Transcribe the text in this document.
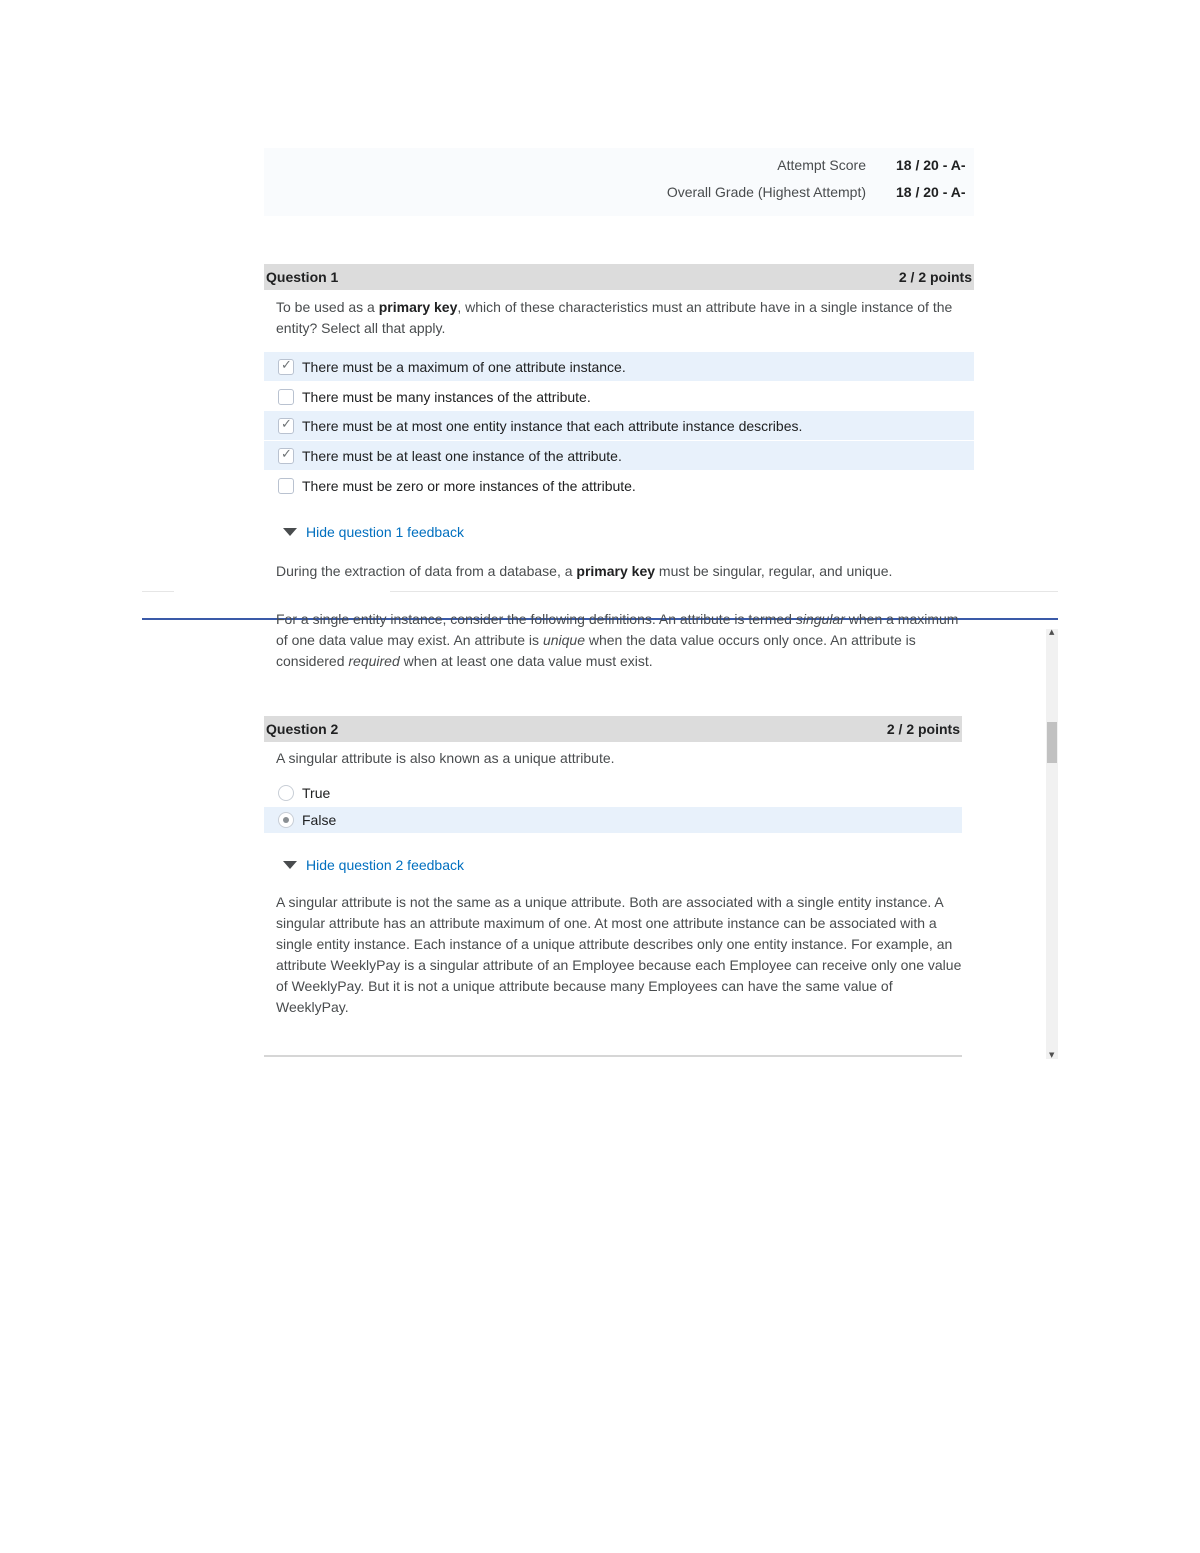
Attempt Score 18 / 20 - A-
Overall Grade (Highest Attempt) 18 / 20 - A-
Question 1	2 / 2 points
To be used as a primary key, which of these characteristics must an attribute have in a single instance of the entity? Select all that apply.
✓
There must be a maximum of one attribute instance.
There must be many instances of the attribute.
✓
There must be at most one entity instance that each attribute instance describes.
✓
There must be at least one instance of the attribute.
There must be zero or more instances of the attribute.
Hide question 1 feedback
During the extraction of data from a database, a primary key must be singular, regular, and unique.
For a single entity instance, consider the following definitions. An attribute is termed singular when a maximum of one data value may exist. An attribute is unique when the data value occurs only once. An attribute is considered required when at least one data value must exist.
Question 2	2 / 2 points
A singular attribute is also known as a unique attribute.
True
False
Hide question 2 feedback
A singular attribute is not the same as a unique attribute. Both are associated with a single entity instance. A singular attribute has an attribute maximum of one. At most one attribute instance can be associated with a single entity instance. Each instance of a unique attribute describes only one entity instance. For example, an attribute WeeklyPay is a singular attribute of an Employee because each Employee can receive only one value of WeeklyPay. But it is not a unique attribute because many Employees can have the same value of WeeklyPay.
▲
▼
